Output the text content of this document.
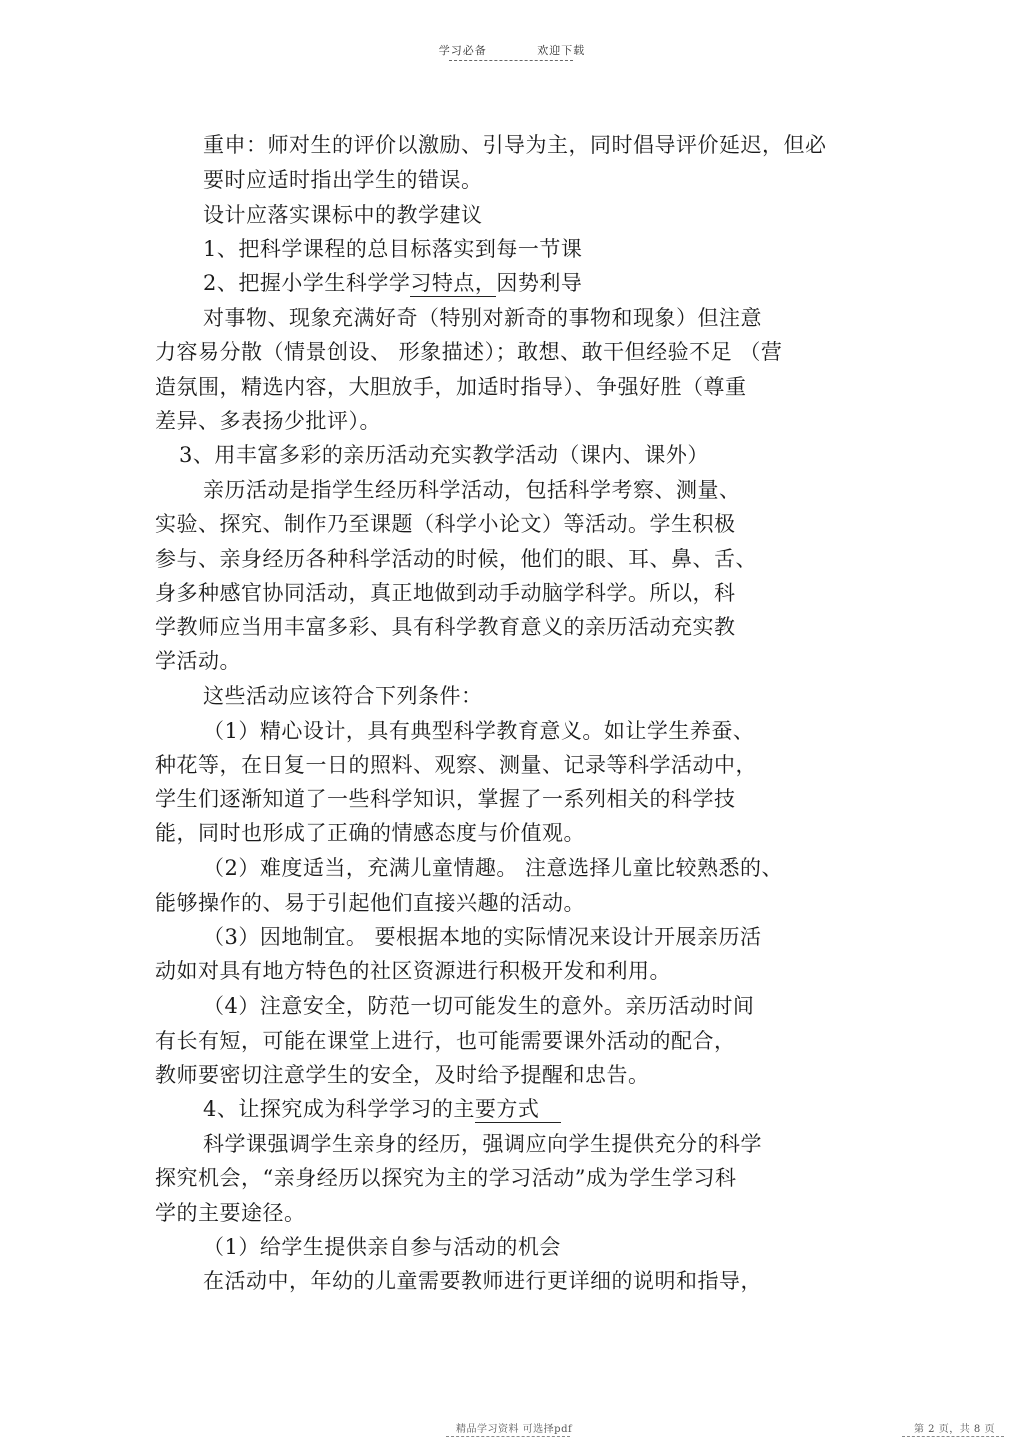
学习必备	欢迎下载
重申：师对生的评价以激励、引导为主，同时倡导评价延迟，但必
要时应适时指出学生的错误。
设计应落实课标中的教学建议
1、把科学课程的总目标落实到每一节课
2、把握小学生科学学习特点，因势利导
对事物、现象充满好奇（特别对新奇的事物和现象）但注意
力容易分散（情景创设、 形象描述）；敢想、敢干但经验不足 （营
造氛围，精选内容，大胆放手，加适时指导）、争强好胜（尊重
差异、多表扬少批评）。
3、用丰富多彩的亲历活动充实教学活动（课内、课外）
亲历活动是指学生经历科学活动，包括科学考察、测量、
实验、探究、制作乃至课题（科学小论文）等活动。学生积极
参与、亲身经历各种科学活动的时候，他们的眼、耳、鼻、舌、
身多种感官协同活动，真正地做到动手动脑学科学。所以，科
学教师应当用丰富多彩、具有科学教育意义的亲历活动充实教
学活动。
这些活动应该符合下列条件：
（1）精心设计，具有典型科学教育意义。如让学生养蚕、
种花等，在日复一日的照料、观察、测量、记录等科学活动中，
学生们逐渐知道了一些科学知识，掌握了一系列相关的科学技
能，同时也形成了正确的情感态度与价值观。
（2）难度适当，充满儿童情趣。 注意选择儿童比较熟悉的、
能够操作的、易于引起他们直接兴趣的活动。
（3）因地制宜。 要根据本地的实际情况来设计开展亲历活
动如对具有地方特色的社区资源进行积极开发和利用。
（4）注意安全，防范一切可能发生的意外。亲历活动时间
有长有短，可能在课堂上进行，也可能需要课外活动的配合，
教师要密切注意学生的安全，及时给予提醒和忠告。
4、让探究成为科学学习的主要方式
科学课强调学生亲身的经历，强调应向学生提供充分的科学
探究机会，“亲身经历以探究为主的学习活动”成为学生学习科
学的主要途径。
（1）给学生提供亲自参与活动的机会
在活动中，年幼的儿童需要教师进行更详细的说明和指导，
精品学习资料 可选择pdf	第 2 页，共 8 页
